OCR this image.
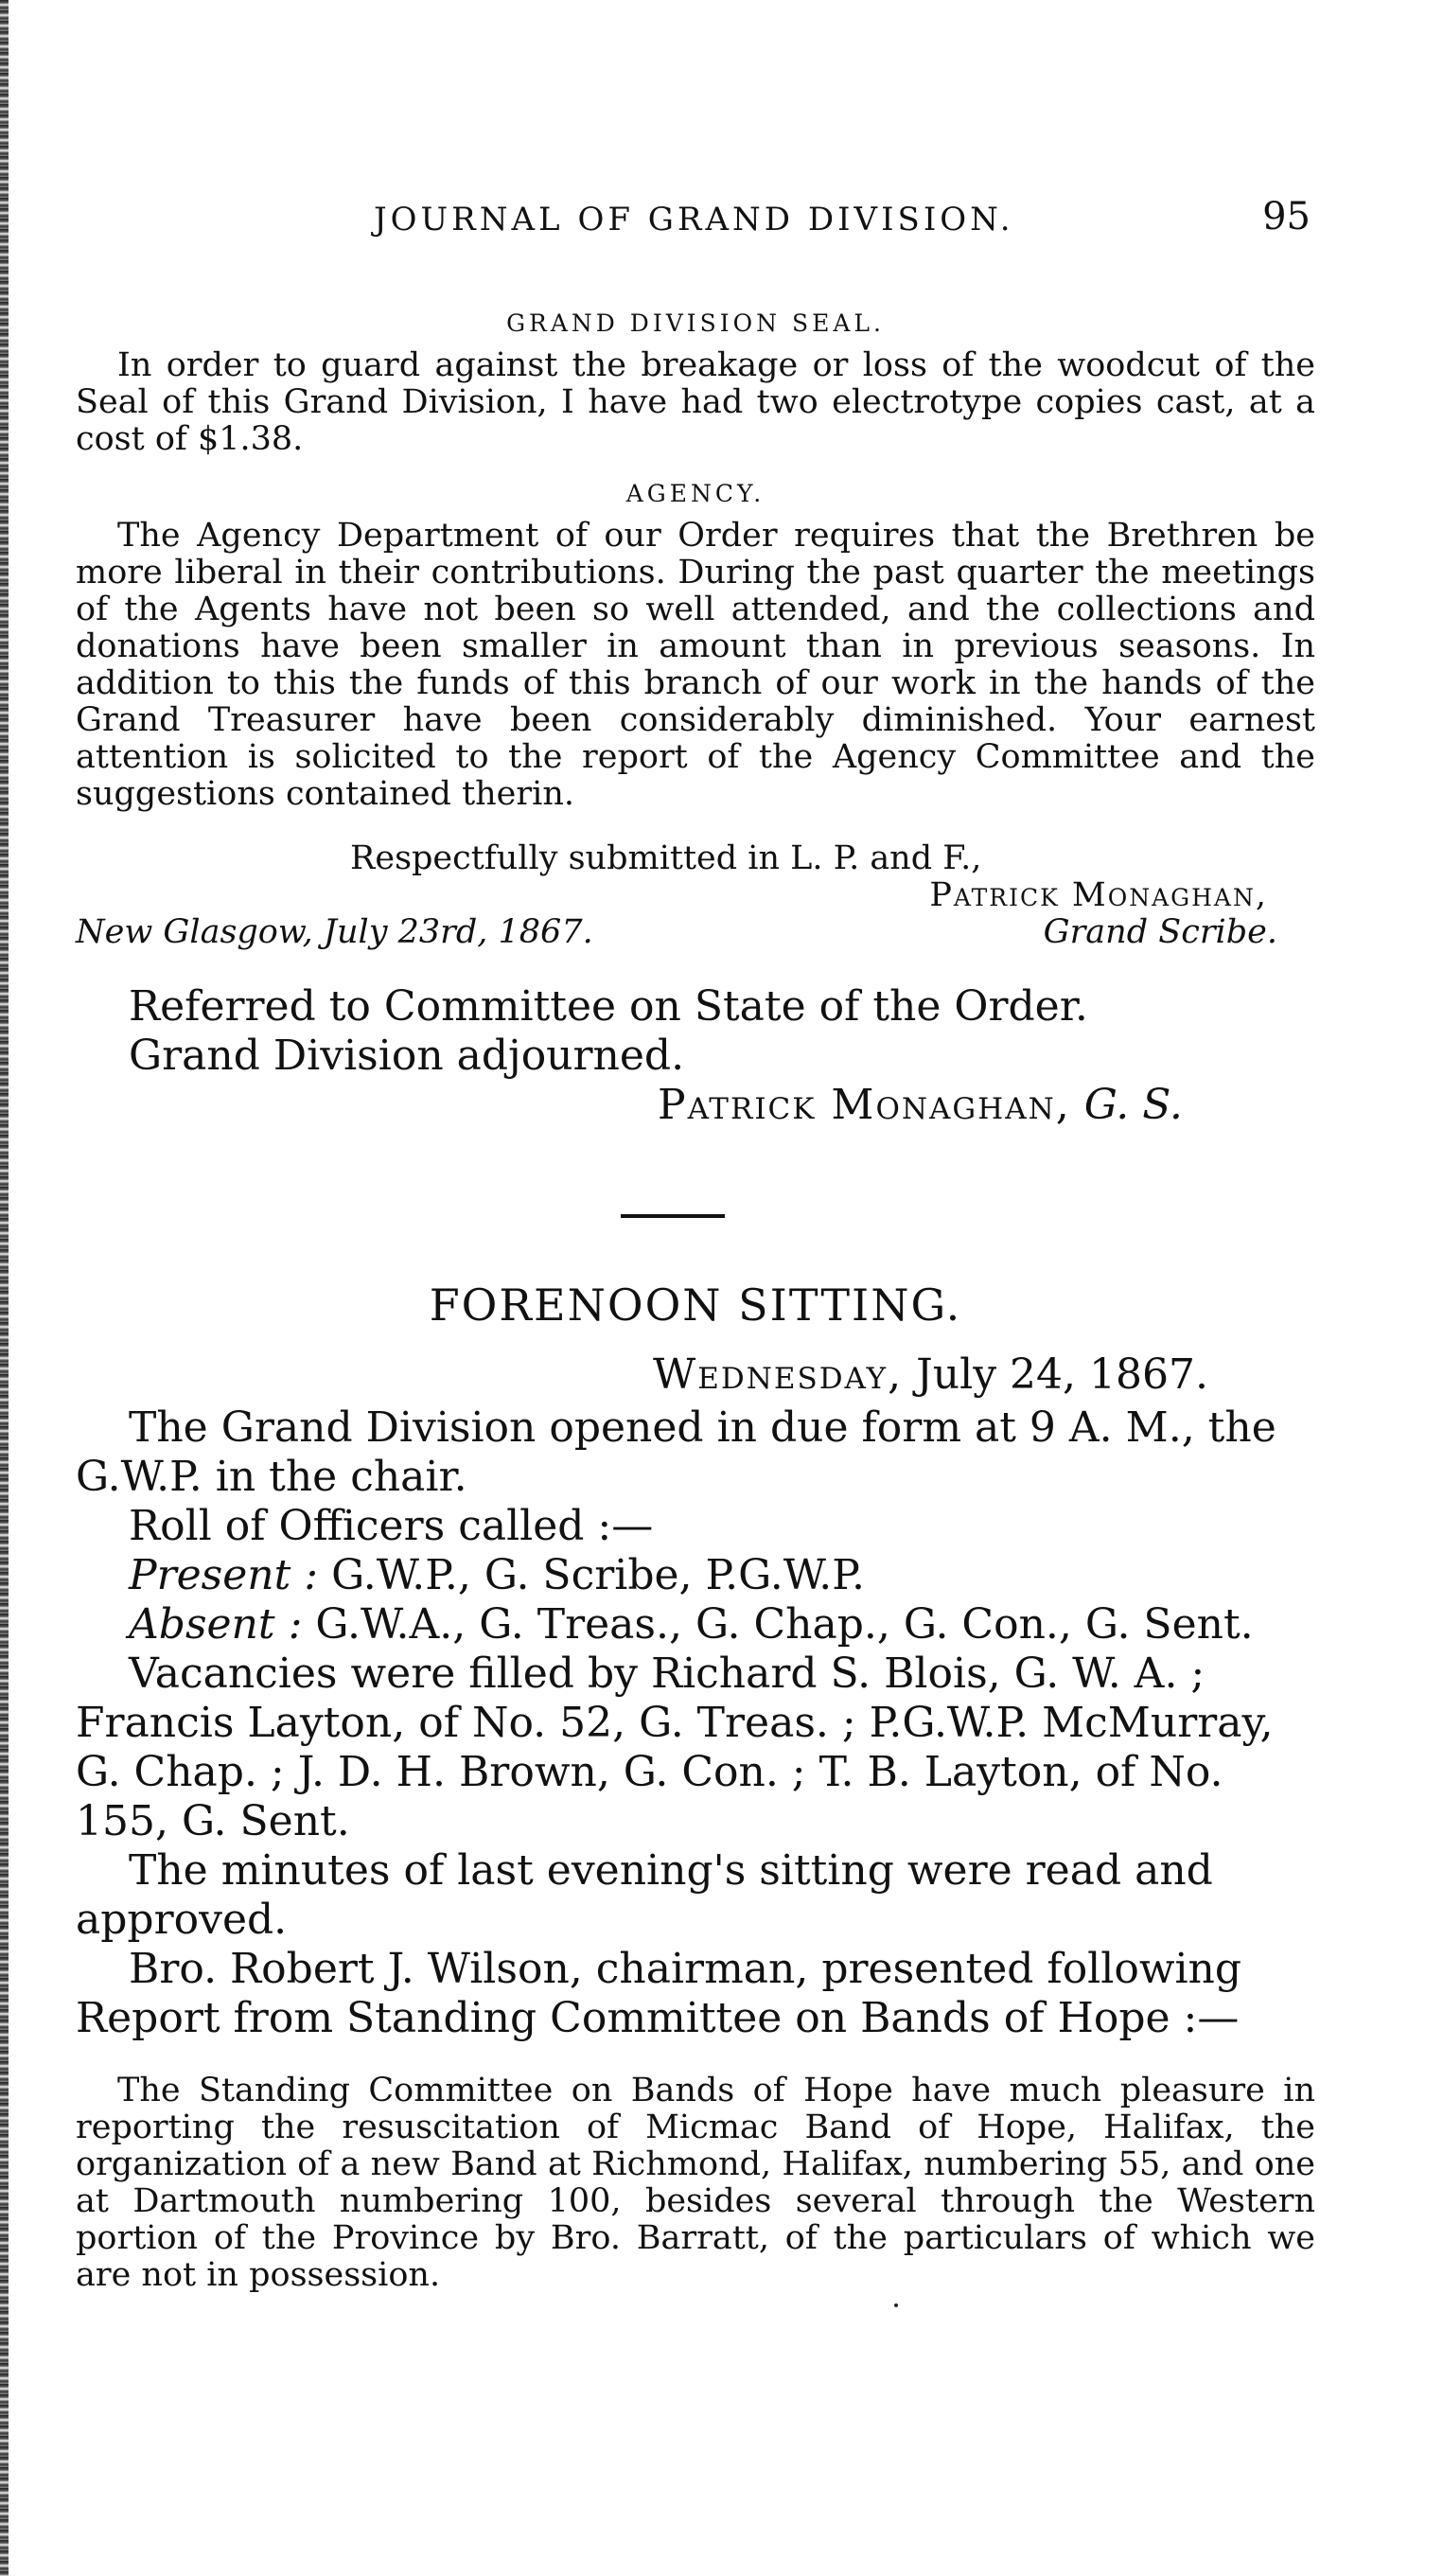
JOURNAL OF GRAND DIVISION.	95
GRAND DIVISION SEAL.

In order to guard against the breakage or loss of the woodcut of the Seal of this Grand Division, I have had two electrotype copies cast, at a cost of $1.38.

AGENCY.

The Agency Department of our Order requires that the Brethren be more liberal in their contributions. During the past quarter the meetings of the Agents have not been so well attended, and the collections and donations have been smaller in amount than in previous seasons. In addition to this the funds of this branch of our work in the hands of the Grand Treasurer have been considerably diminished. Your earnest attention is solicited to the report of the Agency Committee and the suggestions contained therin.

Respectfully submitted in L. P. and F.,
Patrick Monaghan,
New Glasgow, July 23rd, 1867.	Grand Scribe.

Referred to Committee on State of the Order.

Grand Division adjourned.

Patrick Monaghan, G. S.

FORENOON SITTING.

Wednesday, July 24, 1867.

The Grand Division opened in due form at 9 A. M., the G.W.P. in the chair.

Roll of Officers called :—

Present : G.W.P., G. Scribe, P.G.W.P.

Absent : G.W.A., G. Treas., G. Chap., G. Con., G. Sent.

Vacancies were filled by Richard S. Blois, G. W. A. ; Francis Layton, of No. 52, G. Treas. ; P.G.W.P. McMurray, G. Chap. ; J. D. H. Brown, G. Con. ; T. B. Layton, of No. 155, G. Sent.

The minutes of last evening's sitting were read and approved.

Bro. Robert J. Wilson, chairman, presented following Report from Standing Committee on Bands of Hope :—

The Standing Committee on Bands of Hope have much pleasure in reporting the resuscitation of Micmac Band of Hope, Halifax, the organization of a new Band at Richmond, Halifax, numbering 55, and one at Dartmouth numbering 100, besides several through the Western portion of the Province by Bro. Barratt, of the particulars of which we are not in possession.
